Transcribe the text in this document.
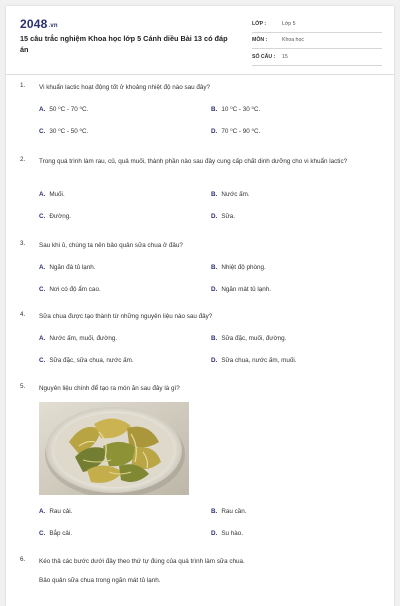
2048.vn
15 câu trắc nghiệm Khoa học lớp 5 Cánh diều Bài 13 có đáp án
LỚP :	Lớp 5
MÔN :	Khoa học
SỐ CÂU :	15
1.	Vi khuẩn lactic hoạt động tốt ở khoảng nhiệt độ nào sau đây?
A. 50 ⁰C - 70 ⁰C.	B. 10 ⁰C - 30 ⁰C.
C. 30 ⁰C - 50 ⁰C.	D. 70 ⁰C - 90 ⁰C.
2.	Trong quá trình làm rau, củ, quả muối, thành phần nào sau đây cung cấp chất dinh dưỡng cho vi khuẩn lactic?
A. Muối.	B. Nước ấm.
C. Đường.	D. Sữa.
3.	Sau khi ủ, chúng ta nên bảo quản sữa chua ở đâu?
A. Ngăn đá tủ lạnh.	B. Nhiệt độ phòng.
C. Nơi có độ ẩm cao.	D. Ngăn mát tủ lạnh.
4.	Sữa chua được tạo thành từ những nguyên liệu nào sau đây?
A. Nước ấm, muối, đường.	B. Sữa đặc, muối, đường.
C. Sữa đặc, sữa chua, nước ấm.	D. Sữa chua, nước ấm, muối.
5.	Nguyên liệu chính để tạo ra món ăn sau đây là gì?
A. Rau cải.	B. Rau cần.
C. Bắp cải.	D. Su hào.
6.	Kéo thả các bước dưới đây theo thứ tự đúng của quá trình làm sữa chua.
Bảo quản sữa chua trong ngăn mát tủ lạnh.
